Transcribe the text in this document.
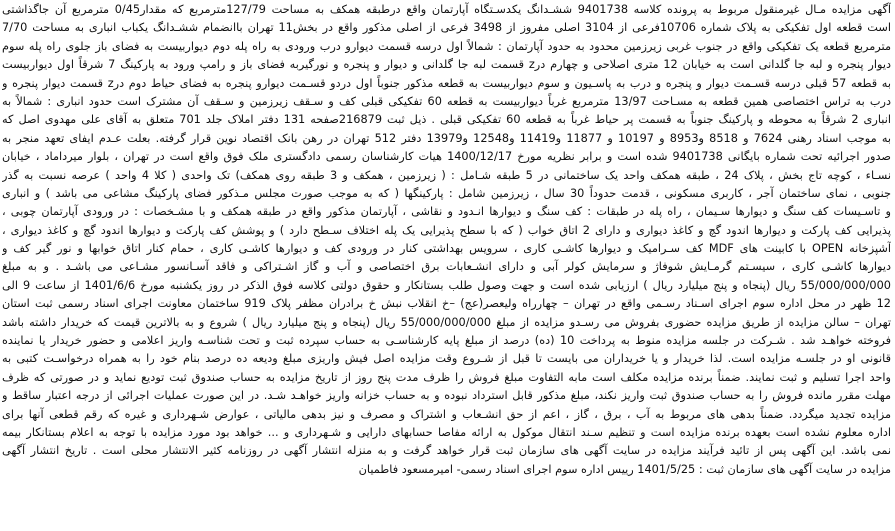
آگهی مزایده مـال غیرمنقول مربوط به پرونده کلاسه 9401738 ششـدانگ یکدسـتگاه آپارتمان واقع درطبقه همکف به مساحت 127/79مترمربع که مقدار0/45 مترمربع آن جاگذاشتی
است قطعه اول تفکیکی به پلاک شماره 10706فرعی از 3104 اصلی مفروز از 3498 فرعی از اصلی مذکور واقع در بخش11 تهران باانضمام ششـدانگ یکباب انباری به مساحت 7/70
مترمربع قطعه یک تفکیکی واقع در جنوب غربی زیرزمین محدود به حدود آپارتمان : شمالاً اول درسه قسمت دیوارو درب ورودی به راه پله دوم دیواربیست به فضای باز جلوی راه پله سوم
دیوار پنجره و لبه جا گلدانی است به خیابان 12 متری اصلاحی و چهارم درz قسمت لبه جا گلدانی و دیوار و پنجره و نورگیربه فضای باز و رامپ ورود به پارکینگ 7 شرقاً اول دیواربیست
به قطعه 57 قبلی درسه قسـمت دیوار و پنجره و درب به پاسـیون و سوم دیواربیست به قطعه مذکور جنوباً اول دردو قسـمت دیوارو پنجره به فضای حیاط دوم درz قسمت دیوار پنجره و
درب به تراس اختصاصی همین قطعه به مسـاحت 13/97 مترمربع غرباً دیواربیست به قطعه 60 تفکیکی قبلی کف و سـقف زیرزمین و سـقف آن مشترک است حدود انباری : شمالاً به
انباری 2 شرقاً به محوطه و پارکینگ جنوباً به قسمت پر حیاط غرباً به قطعه 60 تفکیکی قبلی . ذیل ثبت 216879صفحه 131 دفتر املاک جلد 701 متعلق به آقای علی مهدوی اصل که
به موجب اسناد رهنی 7624 و 8518 و8953 و 10197 و 11877 و11419 و12548 و13979 دفتر 512 تهران در رهن بانک اقتصاد نوین قرار گرفته. بعلت عـدم ایفای تعهد منجر به
صدور اجرائیه تحت شماره بایگانی 9401738 شده است و برابر نظریه مورخ 1400/12/17 هیات کارشناسان رسمی دادگستری ملک فوق واقع است در تهران ، بلوار میرداماد ، خیابان
نسـاء ، کوچه تاج بخش ، پلاک 24 ، طبقه همکف واحد یک ساختمانی در 5 طبقه شـامل : ( زیرزمین ، همکف و 3 طبقه روی همکف) تک واحدی ( کلا 4 واحد ) عرصه نسبت به گذر
جنوبی ، نمای ساختمان آجر ، کاربری مسکونی ، قدمت حدوداً 30 سال ، زیرزمین شامل : پارکینگها ( که به موجب صورت مجلس مـذکور فضای پارکینگ مشاعی می باشد ) و انباری
و تاسـیسات کف سنگ و دیوارها سـیمان ، راه پله در طبقات : کف سنگ و دیوارها انـدود و نقاشی ، آپارتمان مذکور واقع در طبقه همکف و با مشـخصات : در ورودی آپارتمان چوبی ،
پذیرایی کف پارکت و دیوارها اندود گچ و کاغذ دیواری و دارای 2 اتاق خواب ( که با سطح پذیرایی یک پله اختلاف سـطح دارد ) و پوشش کف پارکت و دیوارها اندود گچ و کاغذ دیواری ،
آشپزخانه OPEN با کابینت های MDF کف سـرامیک و دیوارها کاشـی کاری ، سرویس بهداشتی کنار در ورودی کف و دیوارها کاشـی کاری ، حمام کنار اتاق خوابها و نور گیر کف و
دیوارها کاشـی کاری ، سیسـتم گرمـایش شوفاژ و سرمایش کولر آبی و دارای انشـعابات برق اختصاصی و آب و گاز اشـتراکی و فاقد آسـانسور مشـاعی می باشـد . و به مبلغ
55/000/000/000 ریال (پنجاه و پنج میلیارد ریال ) ارزیابی شده است و جهت وصول طلب بستانکار و حقوق دولتی کلاسه فوق الذکر در روز یکشنبه مورخ 1401/6/6 از ساعت 9 الی
12 ظهر در محل اداره سوم اجرای اسـناد رسـمی واقع در تهران – چهارراه ولیعصر(عج) –خ انقلاب نبش خ برادران مظفر پلاک 919 ساختمان معاونت اجرای اسناد رسمی ثبت استان
تهران – سالن مزایده از طریق مزایده حضوری بفروش می رسـدو مزایده از مبلغ 55/000/000/000 ریال (پنجاه و پنج میلیارد ریال ) شروع و به بالاترین قیمت که خریدار داشته باشد
فروخته خواهـد شد . شـرکت در جلسه مزایده منوط به پرداخت 10 (ده) درصد از مبلغ پایه کارشناسـی به حساب سپرده ثبت و تحت شناسـه واریز اعلامی و حضور خریدار یا نماینده
قانونی او در جلسـه مزایده است. لذا خریدار و یا خریداران می بایست تا قبل از شـروع وقت مزایده اصل فیش واریزی مبلغ ودیعه ده درصد بنام خود را به همراه درخواسـت کتبی به
واحد اجرا تسلیم و ثبت نمایند. ضمناً برنده مزایده مکلف است مابه التفاوت مبلغ فروش را ظرف مدت پنج روز از تاریخ مزایده به حساب صندوق ثبت تودیع نماید و در صورتی که ظرف
مهلت مقرر مانده فروش را به حساب صندوق ثبت واریز نکند، مبلغ مذکور قابل استرداد نبوده و به حساب خزانه واریز خواهـد شـد. در این صورت عملیات اجرائی از درجه اعتبار ساقط و
مزایده تجدید میگردد. ضمناً بدهی های مربوط به آب ، برق ، گاز ، اعم از حق انشـعاب و اشتراک و مصرف و نیز بدهی مالیاتی ، عوارض شـهرداری و غیره که رقم قطعی آنها برای
اداره معلوم نشده است بعهده برنده مزایده است و تنظیم سـند انتقال موکول به ارائه مفاصا حسابهای دارایی و شـهرداری و ... خواهد بود مورد مزایده با توجه به اعلام بستانکار بیمه
نمی باشد. این آگهی پس از تائید فرآیند مزایده در سایت آگهی های سازمان ثبت قرار خواهد گرفت و به منزله انتشار آگهی در روزنامه کثیر الانتشار محلی است . تاریخ انتشار آگهی
مزایده در سایت آگهی های سازمان ثبت : 1401/5/25 رییس اداره سوم اجرای اسناد رسمی- امیرمسعود فاطمیان
